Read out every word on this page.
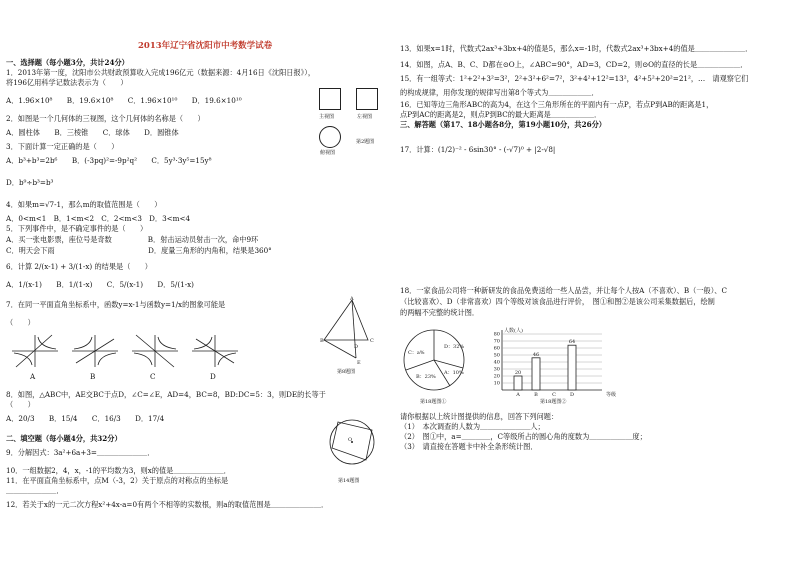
2013年辽宁省沈阳市中考数学试卷
一、选择题（每小题3分，共计24分）
1．2013年第一度，沈阳市公共财政预算收入完成196亿元（数据来源：4月16日《沈阳日报》），
将196亿用科学记数法表示为（　　）
A．1.96×10⁸　　B．19.6×10⁸　　C．1.96×10¹⁰　　D．19.6×10¹⁰
主视图	左视图
俯视图
第2题图
2．如图是一个几何体的三视图，这个几何体的名称是（　　）
A．圆柱体　　B．三棱锥　　C．球体　　D．圆锥体
3．下面计算一定正确的是（　　）
A．b³+b³=2b⁶　　B．(-3pq)²=-9p²q²　　C．5y³·3y⁵=15y⁸
D．b⁹÷b³=b³
4．如果m=√7-1，那么m的取值范围是（　　）
A．0<m<1　B．1<m<2　C．2<m<3　D．3<m<4
5．下列事件中，是不确定事件的是（　　）
A．买一张电影票，座位号是奇数　　　　　B．射击运动员射击一次，命中9环
C．明天会下雨　　　　　　　　　　　　　D．度量三角形的内角和，结果是360°
6．计算 2/(x-1) + 3/(1-x) 的结果是（　　）
A．1/(x-1)　　B．1/(1-x)　　C．5/(x-1)　　D．5/(1-x)
7．在同一平面直角坐标系中，函数y=x-1与函数y=1/x的图象可能是
（　　）
A	B	C	D
A
B	C
D
E
第8题图
8．如图，△ABC中，AE交BC于点D，∠C=∠E，AD=4，BC=8，BD:DC=5：3，则DE的长等于
（　　）
A．20/3　　B．15/4　　C．16/3　　D．17/4
二、填空题（每小题4分，共32分）
9．分解因式：3a²+6a+3=＿＿＿＿＿＿＿．
10．一组数据2，4，x，-1的平均数为3，则x的值是＿＿＿＿＿＿＿．
11．在平面直角坐标系中，点M（-3，2）关于原点的对称点的坐标是
＿＿＿＿＿＿＿．
12．若关于x的一元二次方程x²+4x-a=0有两个不相等的实数根，则a的取值范围是＿＿＿＿＿＿＿．
O
第14题图
13．如果x=1时，代数式2ax³+3bx+4的值是5，那么x=-1时，代数式2ax³+3bx+4的值是＿＿＿＿＿＿＿．
14．如图，点A、B、C、D都在⊙O上，∠ABC=90°，AD=3，CD=2，则⊙O的直径的长是＿＿＿＿＿＿．
15．有一组等式：1²+2²+3²=3²，2²+3²+6²=7²，3²+4²+12²=13²，4²+5²+20²=21²，…　请观察它们
的构成规律，用你发现的规律写出第8个等式为＿＿＿＿＿＿．
16．已知等边三角形ABC的高为4，在这个三角形所在的平面内有一点P，若点P到AB的距离是1，
点P到AC的距离是2，则点P到BC的最大距离是＿＿＿＿＿＿．
三、解答题（第17、18小题各8分，第19小题10分，共26分）
17．计算：(1/2)⁻² - 6sin30° - (-√7)⁰ + |2-√8|
18．一家食品公司将一种新研发的食品免费送给一些人品尝，并让每个人按A（不喜欢）、B（一般）、C
（比较喜欢）、D（非常喜欢）四个等级对该食品进行评价，　图①和图②是该公司采集数据后，绘制
的两幅不完整的统计图．
C：a%
D：32%
B：23%
A：10%
第18题图①
10
20
30
40
50
60
70
80
人数(人)
等级
20
A
46
B	C
64
D
第18题图②
请你根据以上统计图提供的信息，回答下列问题：
（1）　本次调查的人数为＿＿＿＿＿＿＿人；
（2）　图①中，a=＿＿＿＿，C等级所占的圆心角的度数为＿＿＿＿＿＿度；
（3）　请直接在答题卡中补全条形统计图．
